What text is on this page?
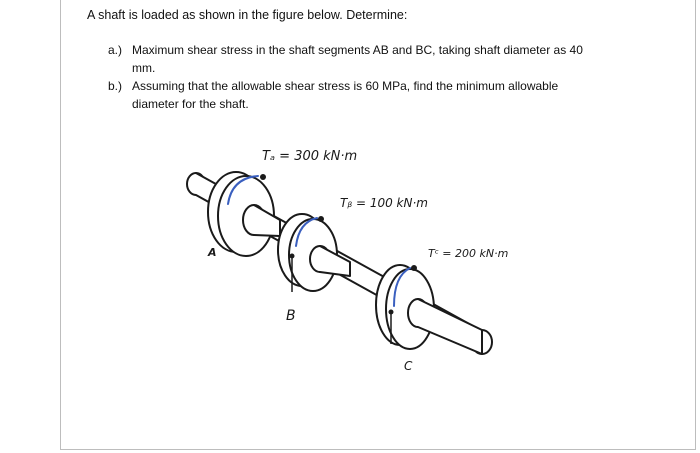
A shaft is loaded as shown in the figure below. Determine:
a.) Maximum shear stress in the shaft segments AB and BC, taking shaft diameter as 40
mm.
b.) Assuming that the allowable shear stress is 60 MPa, find the minimum allowable
diameter for the shaft.
Tₐ = 300 kN·m
Tᵦ = 100 kN·m
Tᶜ = 200 kN·m
A
B
C
